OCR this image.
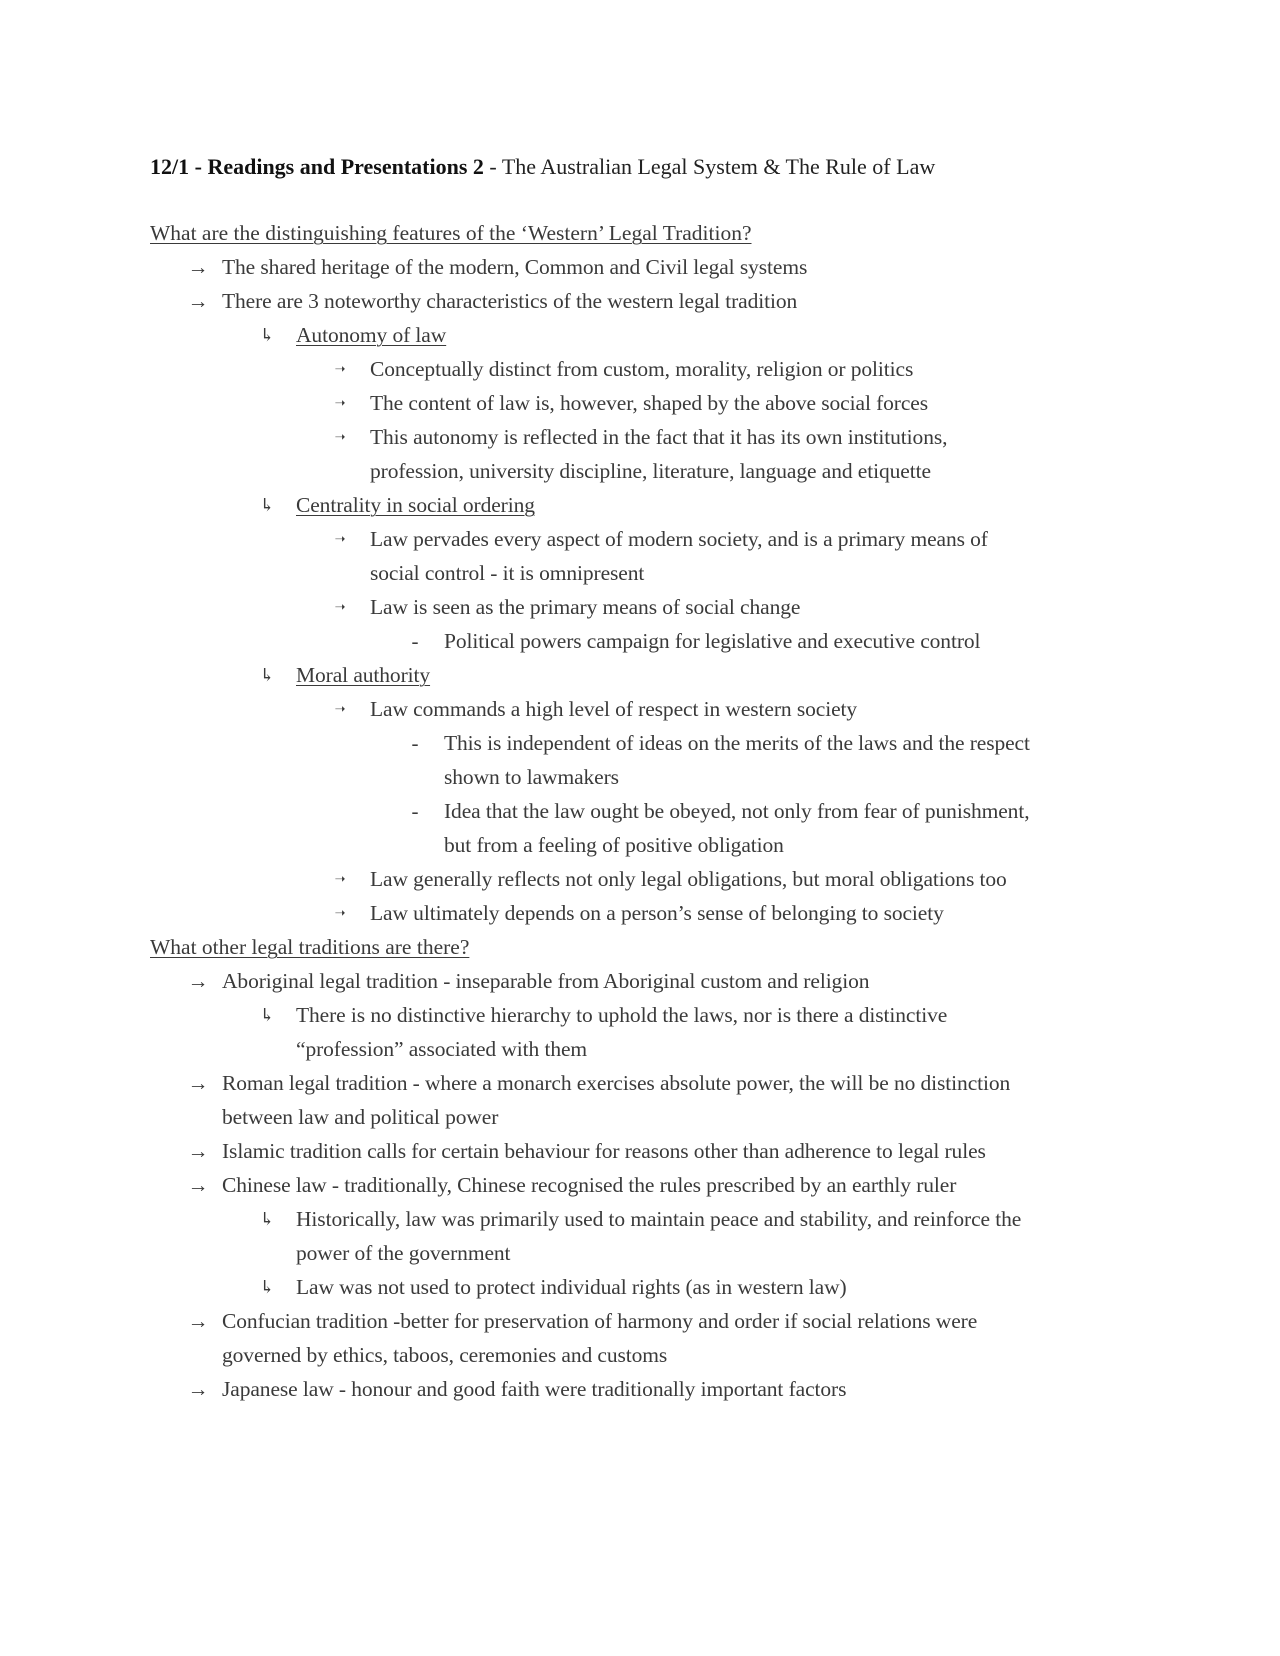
12/1 - Readings and Presentations 2 - The Australian Legal System & The Rule of Law
What are the distinguishing features of the ‘Western’ Legal Tradition?
→ The shared heritage of the modern, Common and Civil legal systems
→ There are 3 noteworthy characteristics of the western legal tradition
↳	Autonomy of law
➝	Conceptually distinct from custom, morality, religion or politics
➝	The content of law is, however, shaped by the above social forces
➝	This autonomy is reflected in the fact that it has its own institutions,
profession, university discipline, literature, language and etiquette
↳	Centrality in social ordering
➝	Law pervades every aspect of modern society, and is a primary means of
social control - it is omnipresent
➝	Law is seen as the primary means of social change
-	Political powers campaign for legislative and executive control
↳	Moral authority
➝	Law commands a high level of respect in western society
-	This is independent of ideas on the merits of the laws and the respect
shown to lawmakers
-	Idea that the law ought be obeyed, not only from fear of punishment,
but from a feeling of positive obligation
➝	Law generally reflects not only legal obligations, but moral obligations too
➝	Law ultimately depends on a person’s sense of belonging to society
What other legal traditions are there?
→ Aboriginal legal tradition - inseparable from Aboriginal custom and religion
↳	There is no distinctive hierarchy to uphold the laws, nor is there a distinctive
“profession” associated with them
→ Roman legal tradition - where a monarch exercises absolute power, the will be no distinction
between law and political power
→ Islamic tradition calls for certain behaviour for reasons other than adherence to legal rules
→ Chinese law - traditionally, Chinese recognised the rules prescribed by an earthly ruler
↳	Historically, law was primarily used to maintain peace and stability, and reinforce the
power of the government
↳	Law was not used to protect individual rights (as in western law)
→ Confucian tradition -better for preservation of harmony and order if social relations were
governed by ethics, taboos, ceremonies and customs
→ Japanese law - honour and good faith were traditionally important factors
